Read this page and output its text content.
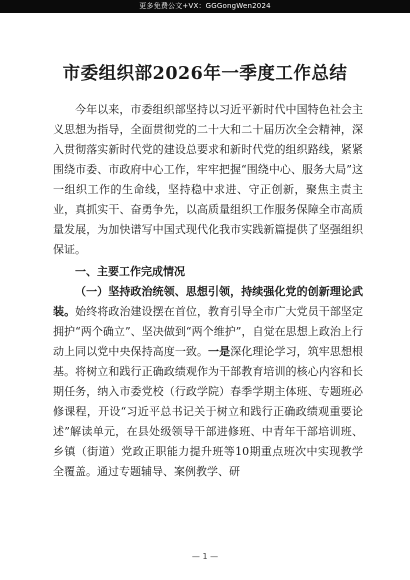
更多免费公文+VX：GGGongWen2024
市委组织部2026年一季度工作总结

今年以来，市委组织部坚持以习近平新时代中国特色社会主义思想为指导，全面贯彻党的二十大和二十届历次全会精神，深入贯彻落实新时代党的建设总要求和新时代党的组织路线，紧紧围绕市委、市政府中心工作，牢牢把握“围绕中心、服务大局”这一组织工作的生命线，坚持稳中求进、守正创新，聚焦主责主业，真抓实干、奋勇争先，以高质量组织工作服务保障全市高质量发展，为加快谱写中国式现代化我市实践新篇提供了坚强组织保证。

一、主要工作完成情况

（一）坚持政治统领、思想引领，持续强化党的创新理论武装。始终将政治建设摆在首位，教育引导全市广大党员干部坚定拥护“两个确立”、坚决做到“两个维护”，自觉在思想上政治上行动上同以党中央保持高度一致。一是深化理论学习，筑牢思想根基。将树立和践行正确政绩观作为干部教育培训的核心内容和长期任务，纳入市委党校（行政学院）春季学期主体班、专题班必修课程，开设“习近平总书记关于树立和践行正确政绩观重要论述”解读单元，在县处级领导干部进修班、中青年干部培训班、乡镇（街道）党政正职能力提升班等10期重点班次中实现教学全覆盖。通过专题辅导、案例教学、研

— 1 —
